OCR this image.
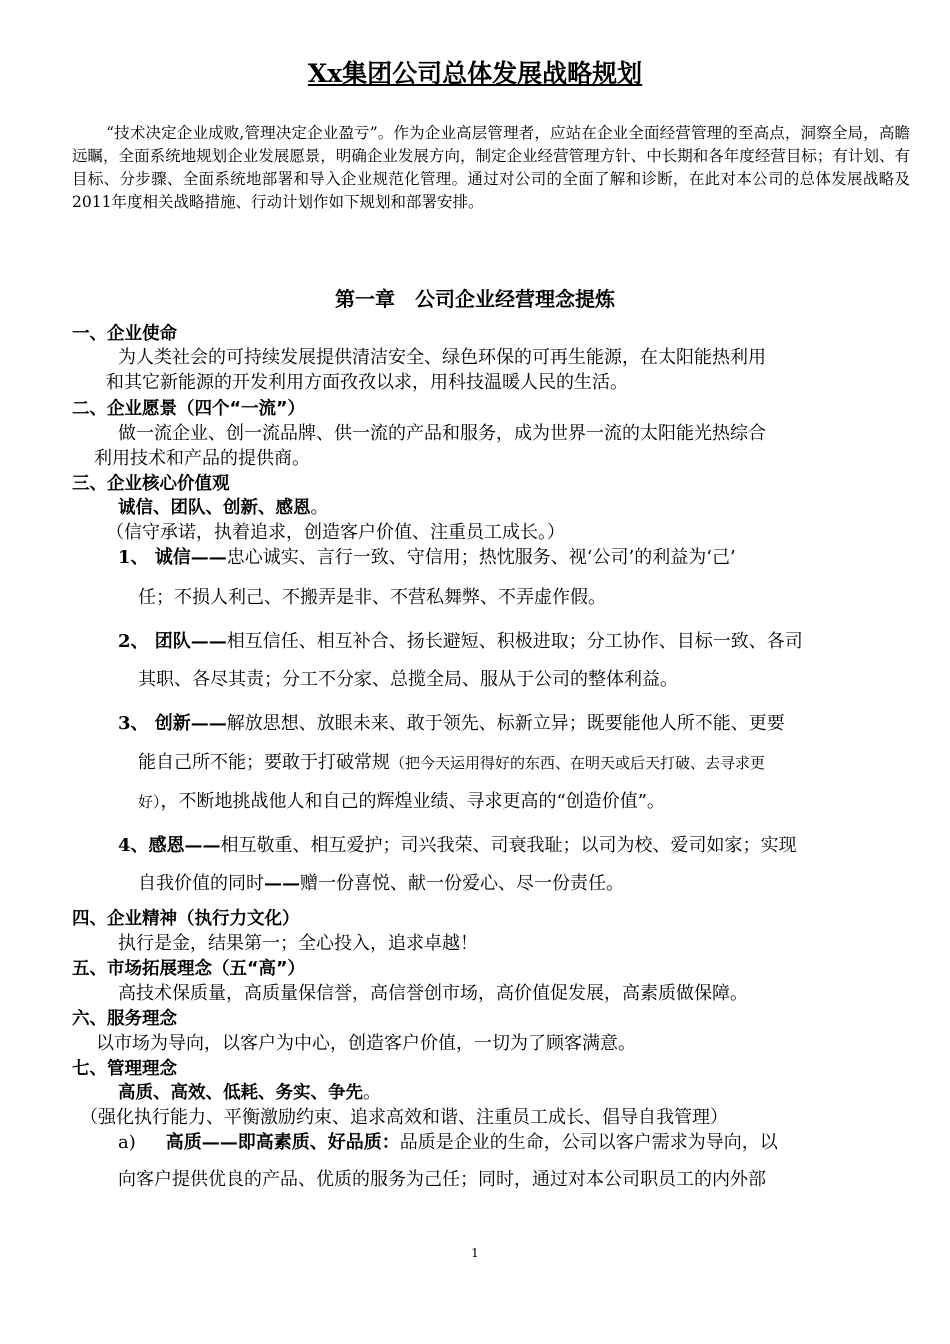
Xx集团公司总体发展战略规划
“技术决定企业成败,管理决定企业盈亏”。作为企业高层管理者，应站在企业全面经营管理的至高点，洞察全局，高瞻远瞩，全面系统地规划企业发展愿景，明确企业发展方向，制定企业经营管理方针、中长期和各年度经营目标；有计划、有目标、分步骤、全面系统地部署和导入企业规范化管理。通过对公司的全面了解和诊断，在此对本公司的总体发展战略及2011年度相关战略措施、行动计划作如下规划和部署安排。
第一章　公司企业经营理念提炼
一、企业使命
为人类社会的可持续发展提供清洁安全、绿色环保的可再生能源，在太阳能热利用
和其它新能源的开发利用方面孜孜以求，用科技温暖人民的生活。
二、企业愿景（四个“一流”）
做一流企业、创一流品牌、供一流的产品和服务，成为世界一流的太阳能光热综合
利用技术和产品的提供商。
三、企业核心价值观
诚信、团队、创新、感恩。
（信守承诺，执着追求，创造客户价值、注重员工成长。）
1、 诚信——忠心诚实、言行一致、守信用；热忱服务、视‘公司’的利益为‘己’
任；不损人利己、不搬弄是非、不营私舞弊、不弄虚作假。
2、 团队——相互信任、相互补合、扬长避短、积极进取；分工协作、目标一致、各司
其职、各尽其责；分工不分家、总揽全局、服从于公司的整体利益。
3、 创新——解放思想、放眼未来、敢于领先、标新立异；既要能他人所不能、更要
能自己所不能；要敢于打破常规（把今天运用得好的东西、在明天或后天打破、去寻求更
好），不断地挑战他人和自己的辉煌业绩、寻求更高的“创造价值”。
4、感恩——相互敬重、相互爱护；司兴我荣、司衰我耻；以司为校、爱司如家；实现
自我价值的同时——赠一份喜悦、献一份爱心、尽一份责任。
四、企业精神（执行力文化）
执行是金，结果第一；全心投入，追求卓越！
五、市场拓展理念（五“高”）
高技术保质量，高质量保信誉，高信誉创市场，高价值促发展，高素质做保障。
六、服务理念
以市场为导向，以客户为中心，创造客户价值，一切为了顾客满意。
七、管理理念
高质、高效、低耗、务实、争先。
（强化执行能力、平衡激励约束、追求高效和谐、注重员工成长、倡导自我管理）
a) 高质——即高素质、好品质：品质是企业的生命，公司以客户需求为导向，以
向客户提供优良的产品、优质的服务为己任；同时，通过对本公司职员工的内外部
1
